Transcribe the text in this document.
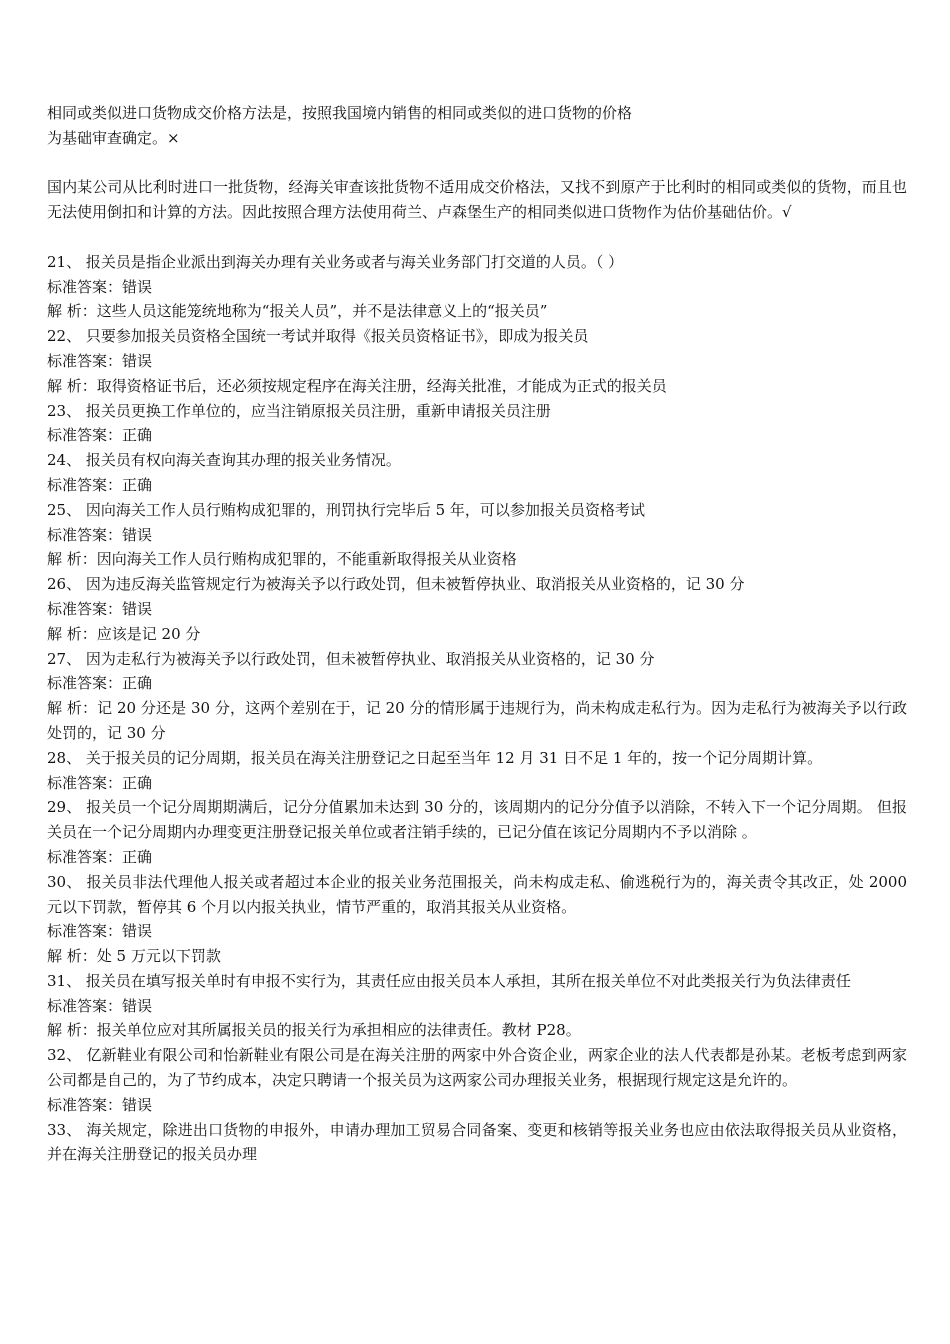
相同或类似进口货物成交价格方法是，按照我国境内销售的相同或类似的进口货物的价格
为基础审查确定。×
国内某公司从比利时进口一批货物，经海关审查该批货物不适用成交价格法，又找不到原产于比利时的相同或类似的货物，而且也无法使用倒扣和计算的方法。因此按照合理方法使用荷兰、卢森堡生产的相同类似进口货物作为估价基础估价。√
21、 报关员是指企业派出到海关办理有关业务或者与海关业务部门打交道的人员。（ ）
标准答案：错误
解 析：这些人员这能笼统地称为“报关人员”，并不是法律意义上的“报关员”
22、 只要参加报关员资格全国统一考试并取得《报关员资格证书》，即成为报关员
标准答案：错误
解 析：取得资格证书后，还必须按规定程序在海关注册，经海关批准，才能成为正式的报关员
23、 报关员更换工作单位的，应当注销原报关员注册，重新申请报关员注册
标准答案：正确
24、 报关员有权向海关查询其办理的报关业务情况。
标准答案：正确
25、 因向海关工作人员行贿构成犯罪的，刑罚执行完毕后 5 年，可以参加报关员资格考试
标准答案：错误
解 析：因向海关工作人员行贿构成犯罪的，不能重新取得报关从业资格
26、 因为违反海关监管规定行为被海关予以行政处罚，但未被暂停执业、取消报关从业资格的，记 30 分
标准答案：错误
解 析：应该是记 20 分
27、 因为走私行为被海关予以行政处罚，但未被暂停执业、取消报关从业资格的，记 30 分
标准答案：正确
解 析：记 20 分还是 30 分，这两个差别在于，记 20 分的情形属于违规行为，尚未构成走私行为。因为走私行为被海关予以行政处罚的，记 30 分
28、 关于报关员的记分周期，报关员在海关注册登记之日起至当年 12 月 31 日不足 1 年的，按一个记分周期计算。
标准答案：正确
29、 报关员一个记分周期期满后，记分分值累加未达到 30 分的，该周期内的记分分值予以消除，不转入下一个记分周期。 但报关员在一个记分周期内办理变更注册登记报关单位或者注销手续的，已记分值在该记分周期内不予以消除 。
标准答案：正确
30、 报关员非法代理他人报关或者超过本企业的报关业务范围报关，尚未构成走私、偷逃税行为的，海关责令其改正，处 2000 元以下罚款，暂停其 6 个月以内报关执业，情节严重的，取消其报关从业资格。
标准答案：错误
解 析：处 5 万元以下罚款
31、 报关员在填写报关单时有申报不实行为，其责任应由报关员本人承担，其所在报关单位不对此类报关行为负法律责任
标准答案：错误
解 析：报关单位应对其所属报关员的报关行为承担相应的法律责任。教材 P28。
32、 亿新鞋业有限公司和怡新鞋业有限公司是在海关注册的两家中外合资企业，两家企业的法人代表都是孙某。老板考虑到两家公司都是自己的，为了节约成本，决定只聘请一个报关员为这两家公司办理报关业务，根据现行规定这是允许的。
标准答案：错误
33、 海关规定，除进出口货物的申报外，申请办理加工贸易合同备案、变更和核销等报关业务也应由依法取得报关员从业资格，并在海关注册登记的报关员办理
